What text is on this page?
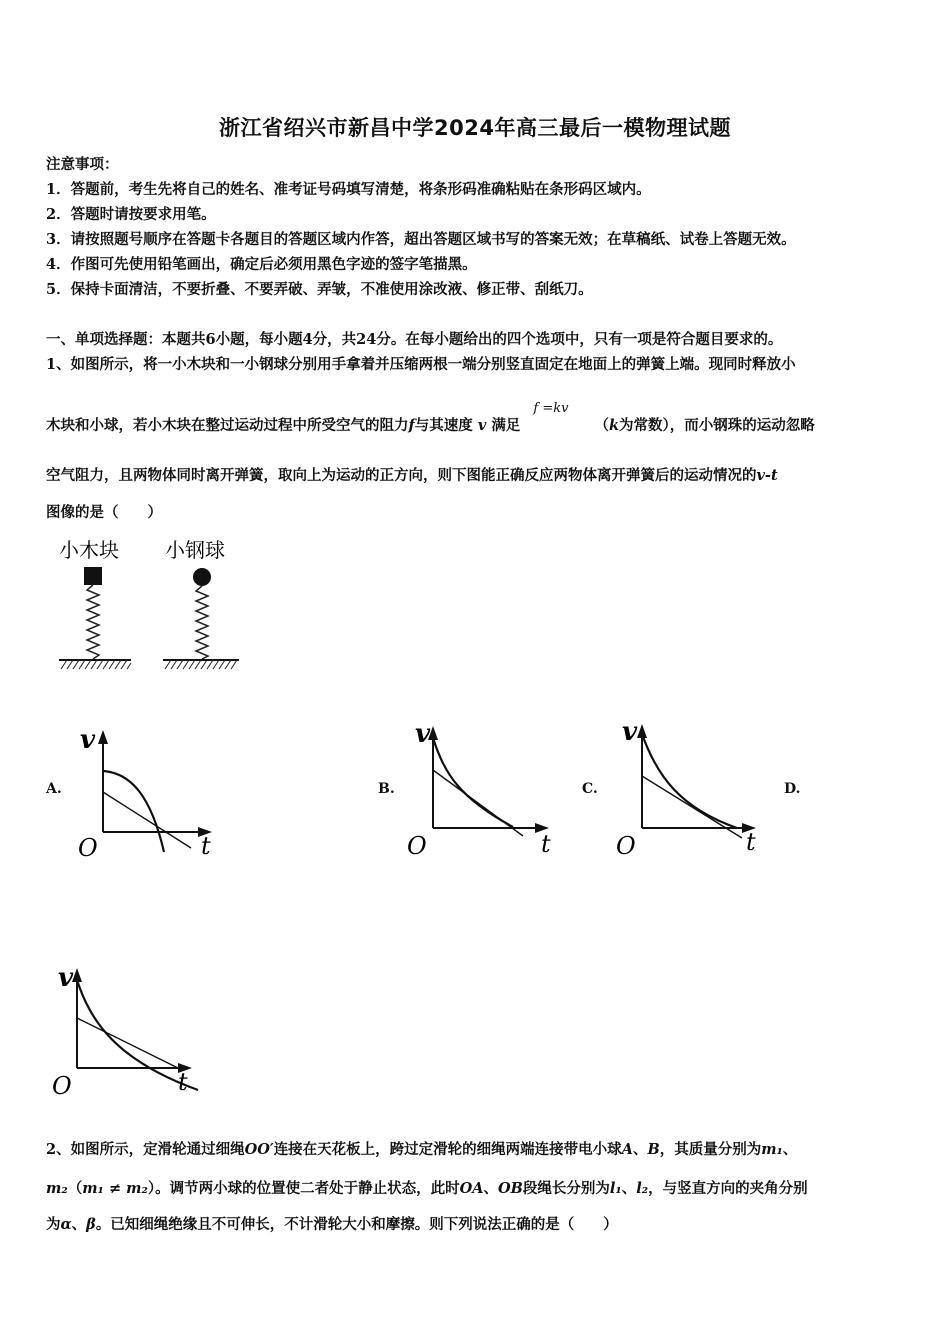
浙江省绍兴市新昌中学2024年高三最后一模物理试题
注意事项：
1．答题前，考生先将自己的姓名、准考证号码填写清楚，将条形码准确粘贴在条形码区域内。
2．答题时请按要求用笔。
3．请按照题号顺序在答题卡各题目的答题区域内作答，超出答题区域书写的答案无效；在草稿纸、试卷上答题无效。
4．作图可先使用铅笔画出，确定后必须用黑色字迹的签字笔描黑。
5．保持卡面清洁，不要折叠、不要弄破、弄皱，不准使用涂改液、修正带、刮纸刀。
一、单项选择题：本题共6小题，每小题4分，共24分。在每小题给出的四个选项中，只有一项是符合题目要求的。
1、如图所示，将一小木块和一小钢球分别用手拿着并压缩两根一端分别竖直固定在地面上的弹簧上端。现同时释放小
木块和小球，若小木块在整过运动过程中所受空气的阻力f与其速度 v 满足 f =kv（k为常数），而小钢珠的运动忽略
空气阻力，且两物体同时离开弹簧，取向上为运动的正方向，则下图能正确反应两物体离开弹簧后的运动情况的v-t
图像的是（　　）
小木块 小钢球
A.	B.	C.	D.
v
O	t
v
O	t
v
O	t
v
O	t
2、如图所示，定滑轮通过细绳OO′连接在天花板上，跨过定滑轮的细绳两端连接带电小球A、B，其质量分别为m₁、
m₂（m₁ ≠ m₂）。调节两小球的位置使二者处于静止状态，此时OA、OB段绳长分别为l₁、l₂，与竖直方向的夹角分别
为α、β。已知细绳绝缘且不可伸长，不计滑轮大小和摩擦。则下列说法正确的是（　　）
